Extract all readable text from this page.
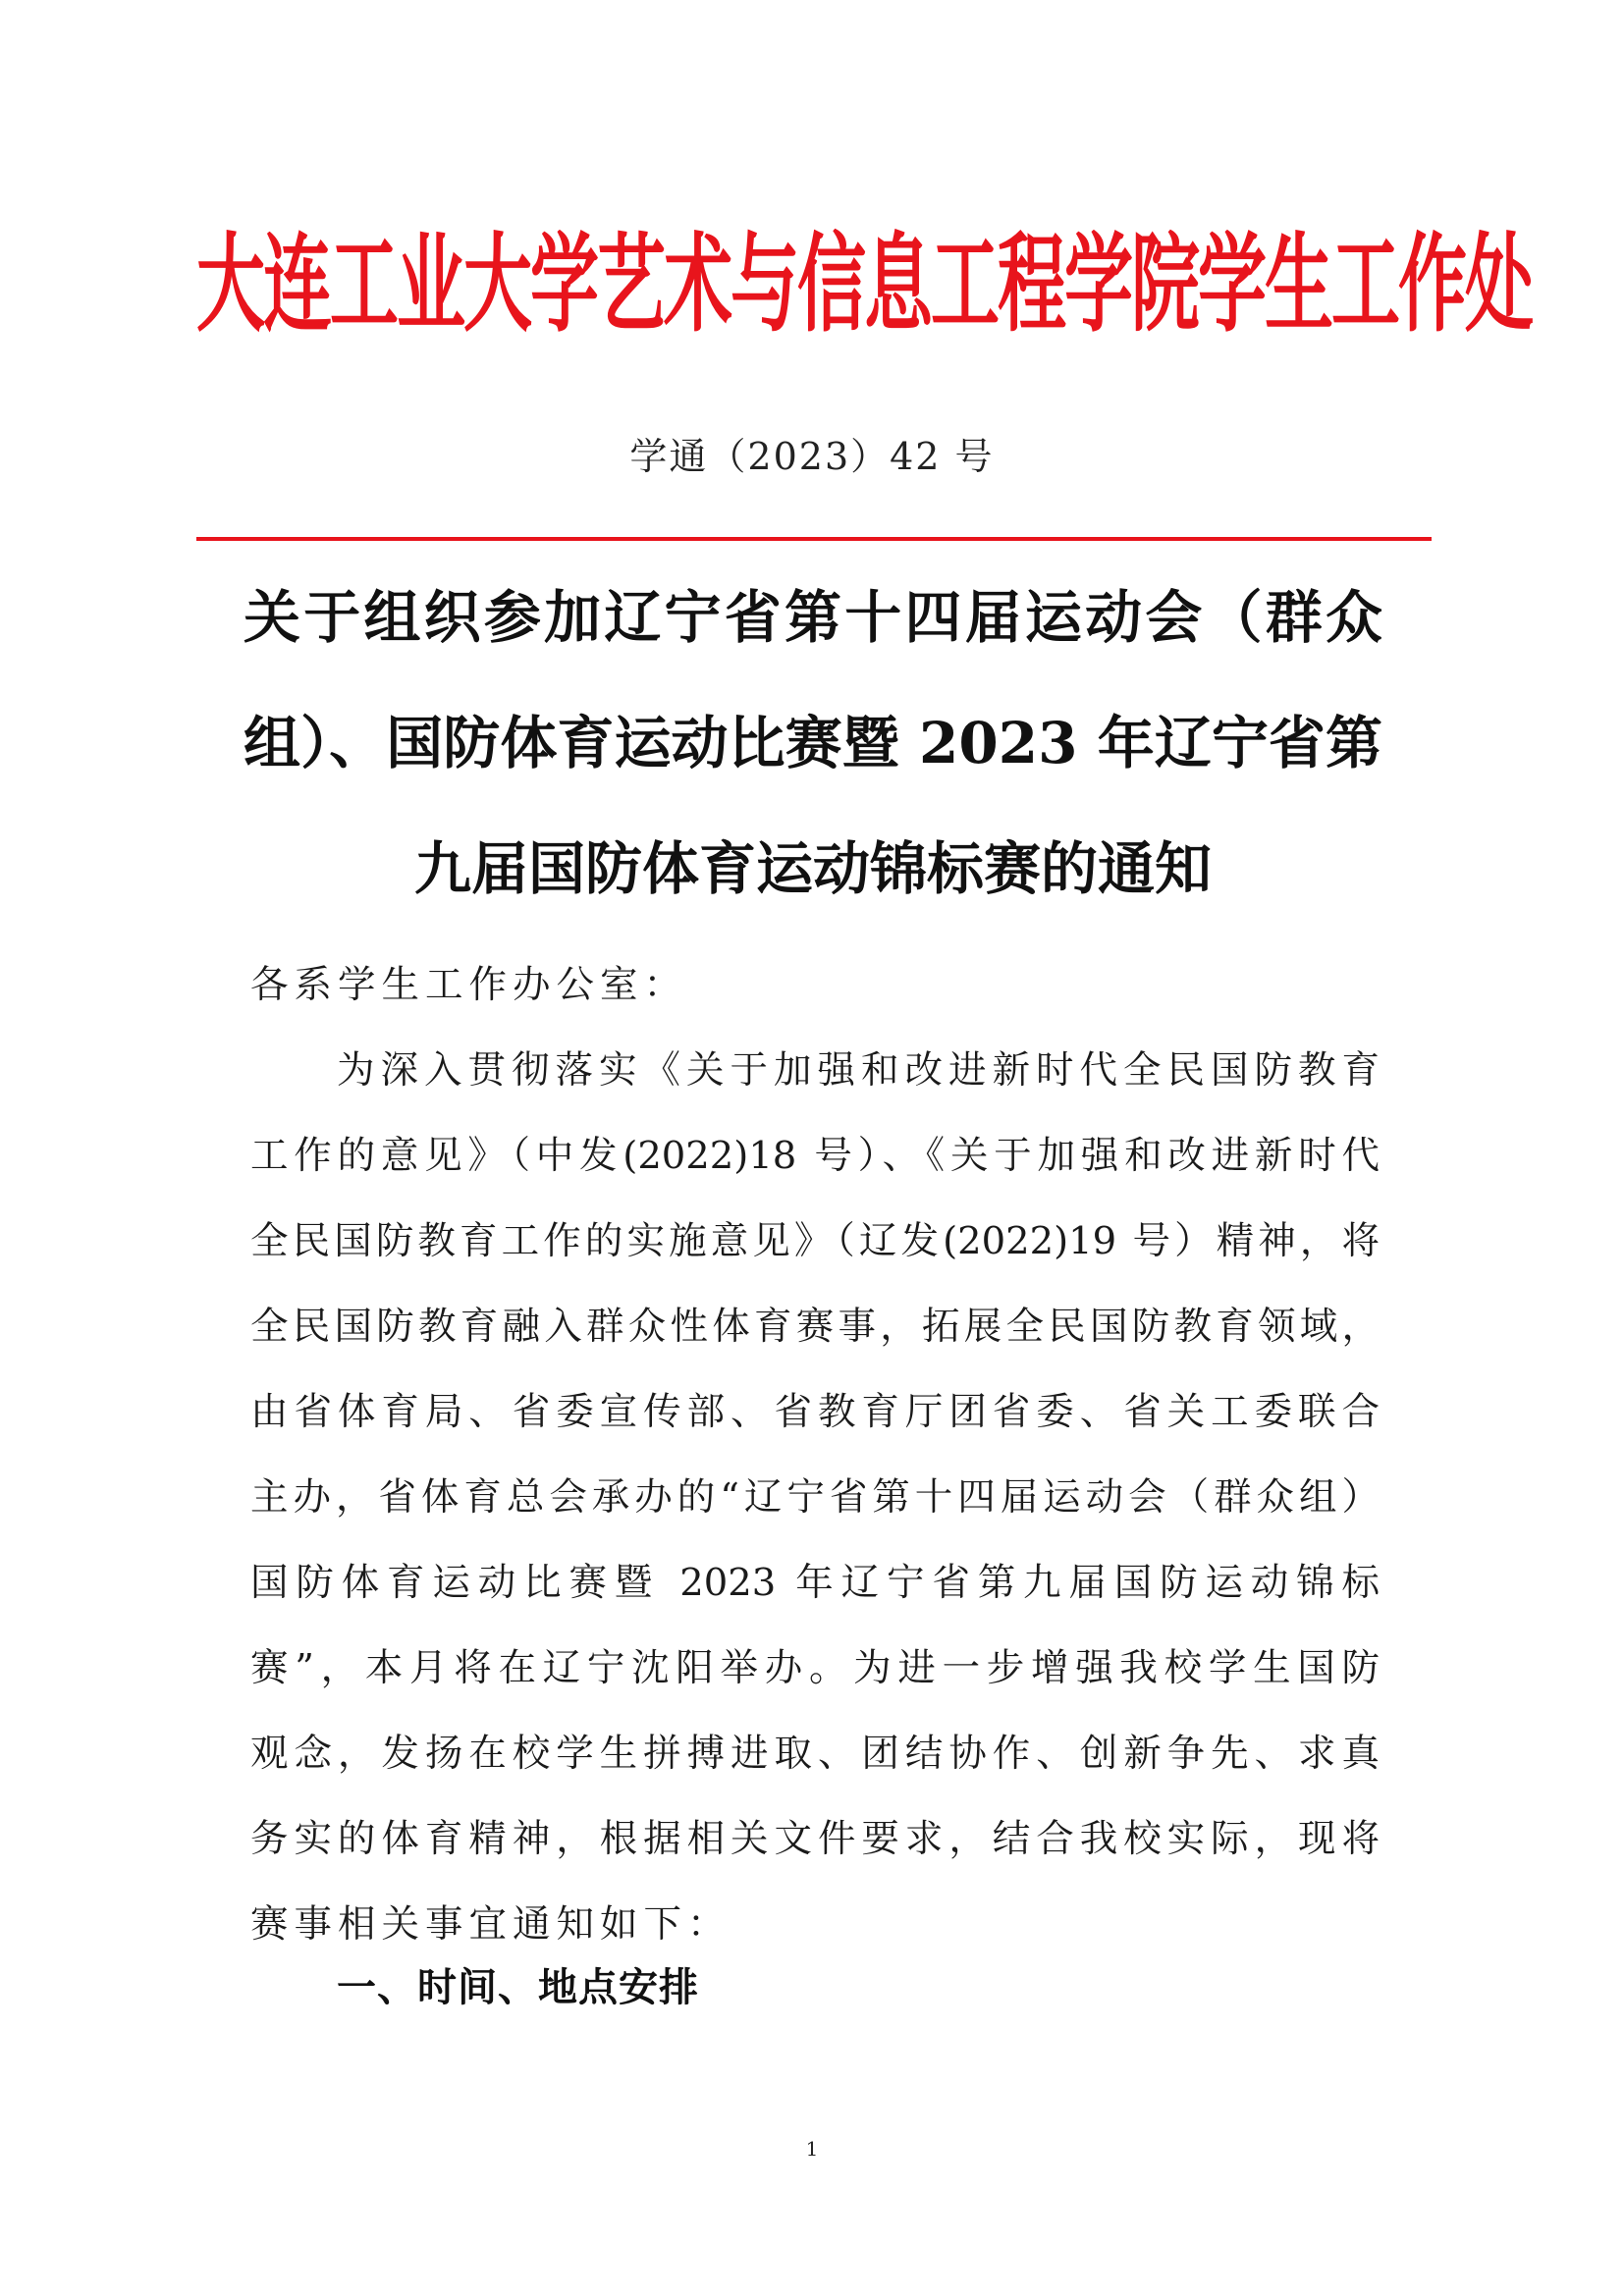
大连工业大学艺术与信息工程学院学生工作处
学通（2023）42 号
关于组织参加辽宁省第十四届运动会（群众
组）、国防体育运动比赛暨 2023 年辽宁省第
九届国防体育运动锦标赛的通知

各系学生工作办公室：

为深入贯彻落实《关于加强和改进新时代全民国防教育
工作的意见》（中发(2022)18 号）、《关于加强和改进新时代
全民国防教育工作的实施意见》（辽发(2022)19 号）精神，将
全民国防教育融入群众性体育赛事，拓展全民国防教育领域，
由省体育局、省委宣传部、省教育厅团省委、省关工委联合
主办，省体育总会承办的“辽宁省第十四届运动会（群众组）
国防体育运动比赛暨 2023 年辽宁省第九届国防运动锦标
赛”，本月将在辽宁沈阳举办。为进一步增强我校学生国防
观念，发扬在校学生拼搏进取、团结协作、创新争先、求真
务实的体育精神，根据相关文件要求，结合我校实际，现将
赛事相关事宜通知如下：
一、时间、地点安排
1
